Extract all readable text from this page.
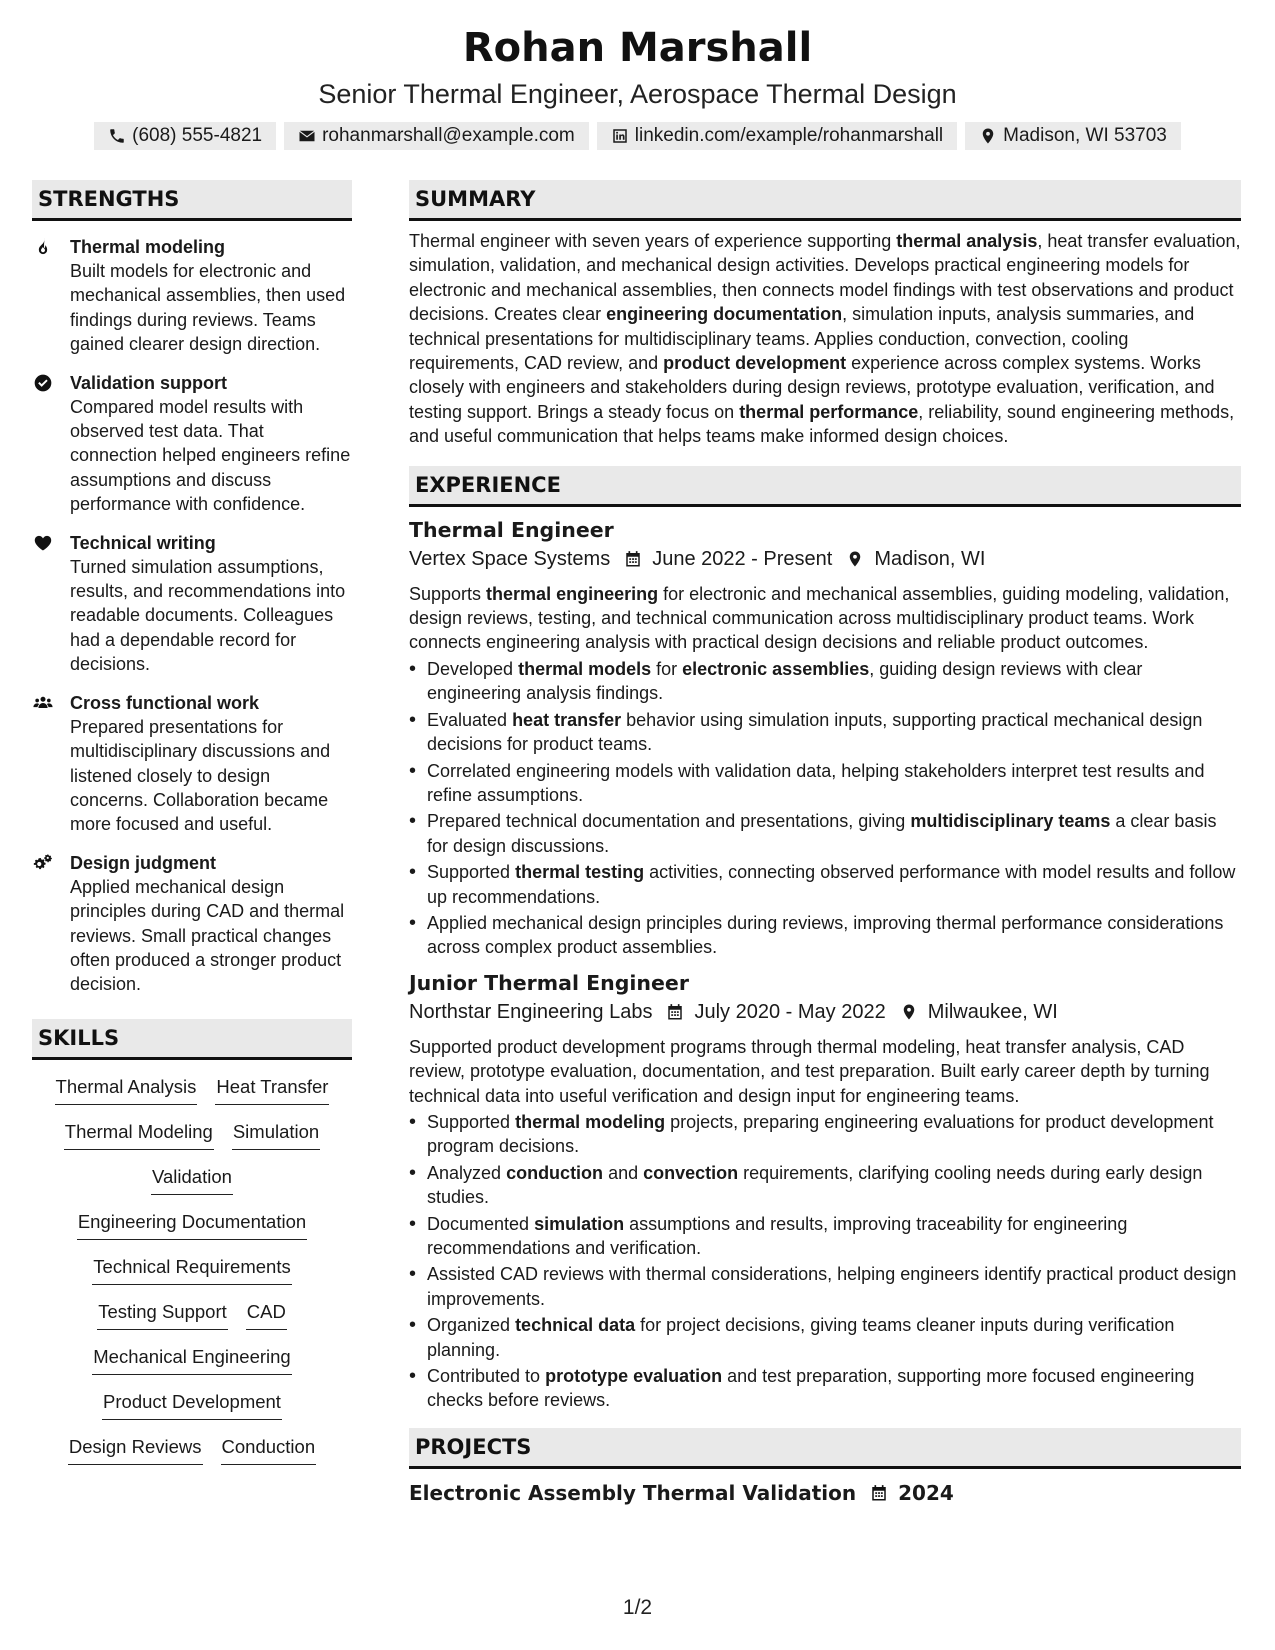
Rohan Marshall
Senior Thermal Engineer, Aerospace Thermal Design
(608) 555-4821	rohanmarshall@example.com	linkedin.com/example/rohanmarshall	Madison, WI 53703
STRENGTHS
Thermal modeling
Built models for electronic and mechanical assemblies, then used findings during reviews. Teams gained clearer design direction.
Validation support
Compared model results with observed test data. That connection helped engineers refine assumptions and discuss performance with confidence.
Technical writing
Turned simulation assumptions, results, and recommendations into readable documents. Colleagues had a dependable record for decisions.
Cross functional work
Prepared presentations for multidisciplinary discussions and listened closely to design concerns. Collaboration became more focused and useful.
Design judgment
Applied mechanical design principles during CAD and thermal reviews. Small practical changes often produced a stronger product decision.
SKILLS
Thermal Analysis Heat Transfer
Thermal Modeling Simulation
Validation
Engineering Documentation
Technical Requirements
Testing Support CAD
Mechanical Engineering
Product Development
Design Reviews Conduction
SUMMARY
Thermal engineer with seven years of experience supporting thermal analysis, heat transfer evaluation, simulation, validation, and mechanical design activities. Develops practical engineering models for electronic and mechanical assemblies, then connects model findings with test observations and product decisions. Creates clear engineering documentation, simulation inputs, analysis summaries, and technical presentations for multidisciplinary teams. Applies conduction, convection, cooling requirements, CAD review, and product development experience across complex systems. Works closely with engineers and stakeholders during design reviews, prototype evaluation, verification, and testing support. Brings a steady focus on thermal performance, reliability, sound engineering methods, and useful communication that helps teams make informed design choices.
EXPERIENCE
Thermal Engineer
Vertex Space Systems June 2022 - Present Madison, WI
Supports thermal engineering for electronic and mechanical assemblies, guiding modeling, validation, design reviews, testing, and technical communication across multidisciplinary product teams. Work connects engineering analysis with practical design decisions and reliable product outcomes.
• Developed thermal models for electronic assemblies, guiding design reviews with clear engineering analysis findings.
• Evaluated heat transfer behavior using simulation inputs, supporting practical mechanical design decisions for product teams.
• Correlated engineering models with validation data, helping stakeholders interpret test results and refine assumptions.
• Prepared technical documentation and presentations, giving multidisciplinary teams a clear basis for design discussions.
• Supported thermal testing activities, connecting observed performance with model results and follow up recommendations.
• Applied mechanical design principles during reviews, improving thermal performance considerations across complex product assemblies.
Junior Thermal Engineer
Northstar Engineering Labs July 2020 - May 2022 Milwaukee, WI
Supported product development programs through thermal modeling, heat transfer analysis, CAD review, prototype evaluation, documentation, and test preparation. Built early career depth by turning technical data into useful verification and design input for engineering teams.
• Supported thermal modeling projects, preparing engineering evaluations for product development program decisions.
• Analyzed conduction and convection requirements, clarifying cooling needs during early design studies.
• Documented simulation assumptions and results, improving traceability for engineering recommendations and verification.
• Assisted CAD reviews with thermal considerations, helping engineers identify practical product design improvements.
• Organized technical data for project decisions, giving teams cleaner inputs during verification planning.
• Contributed to prototype evaluation and test preparation, supporting more focused engineering checks before reviews.
PROJECTS
Electronic Assembly Thermal Validation 2024
1/2
